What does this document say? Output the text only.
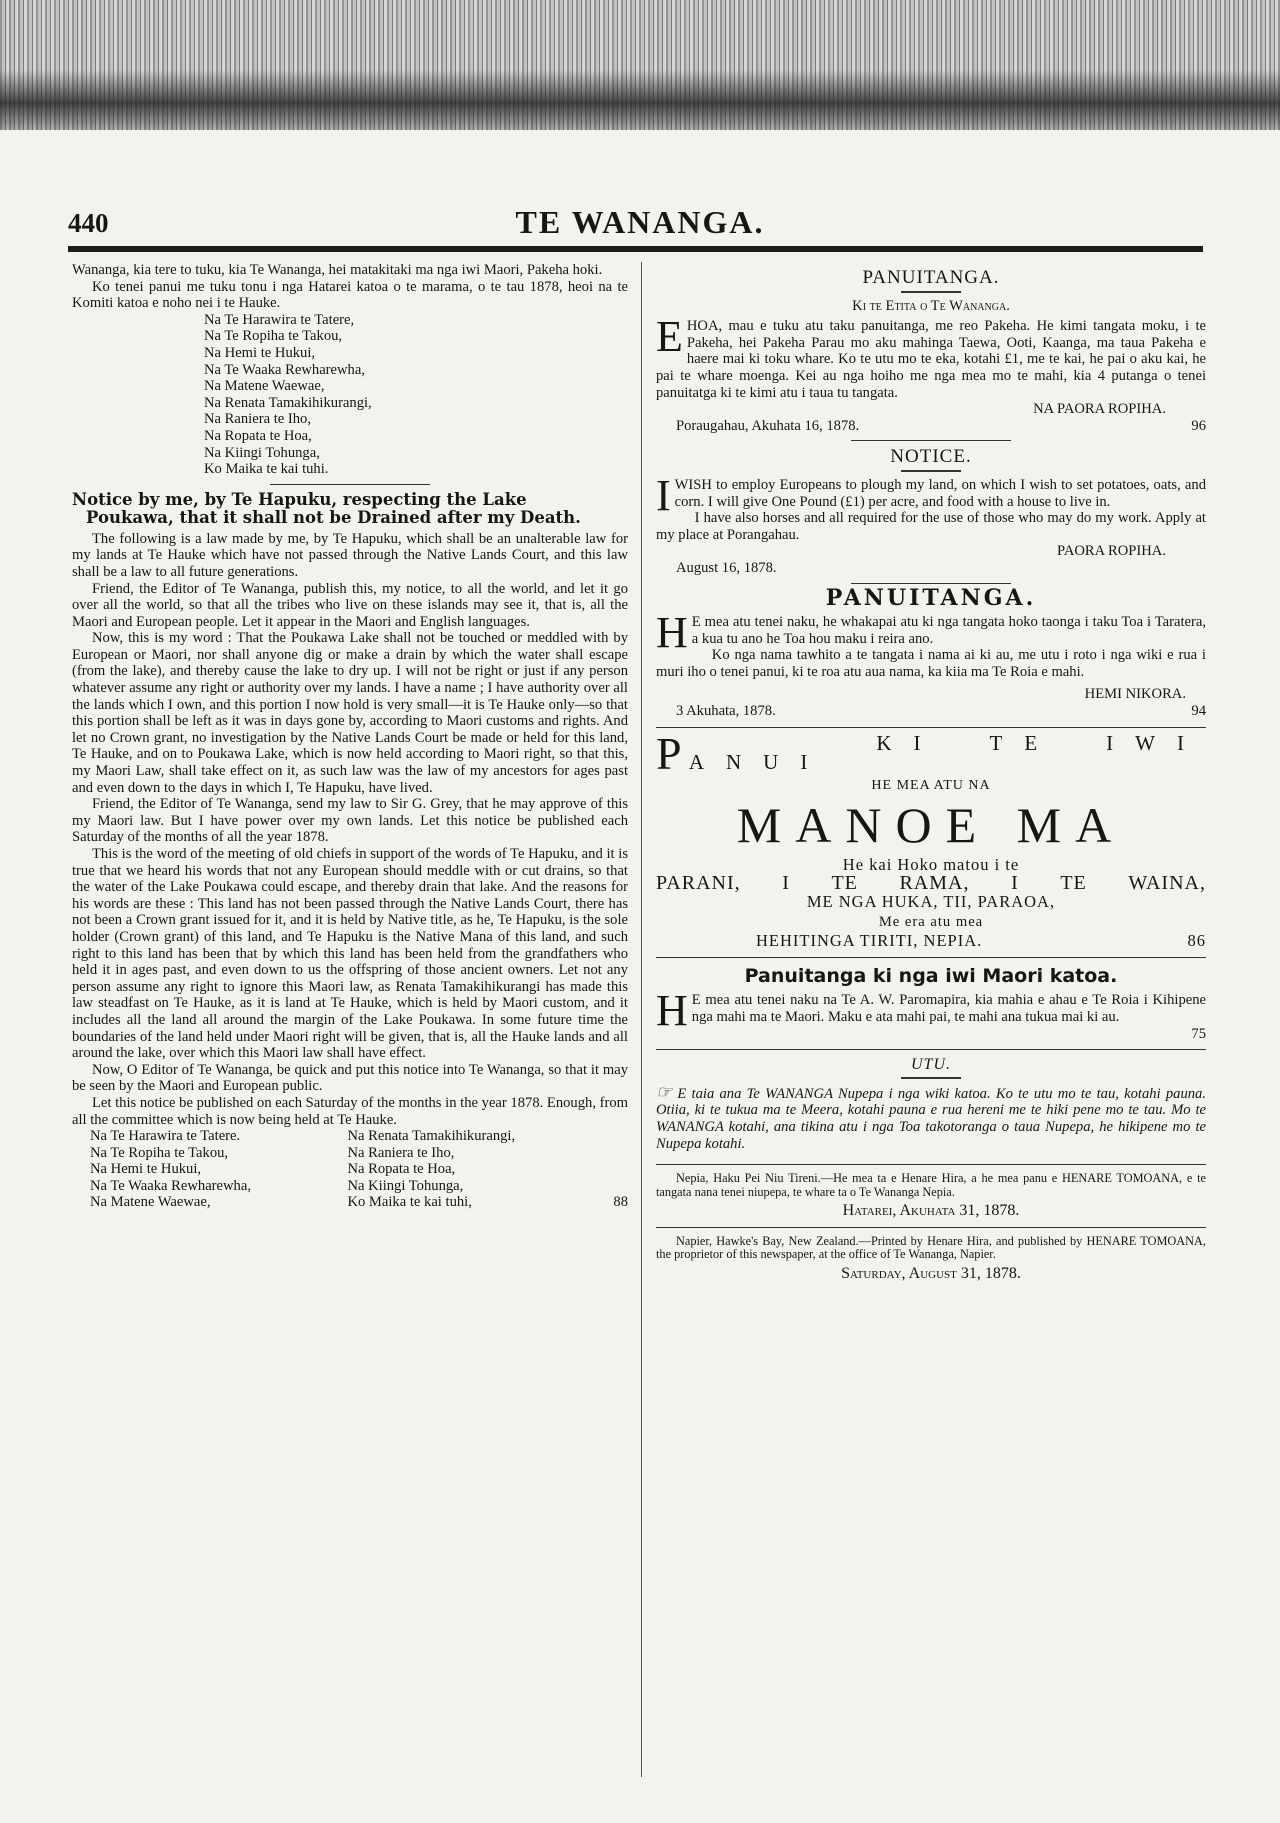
440	TE WANANGA.

Wananga, kia tere to tuku, kia Te Wananga, hei matakitaki ma nga iwi Maori, Pakeha hoki.

Ko tenei panui me tuku tonu i nga Hatarei katoa o te marama, o te tau 1878, heoi na te Komiti katoa e noho nei i te Hauke.

Na Te Harawira te Tatere,

Na Te Ropiha te Takou,

Na Hemi te Hukui,

Na Te Waaka Rewharewha,

Na Matene Waewae,

Na Renata Tamakihikurangi,

Na Raniera te Iho,

Na Ropata te Hoa,

Na Kiingi Tohunga,

Ko Maika te kai tuhi.

Notice by me, by Te Hapuku, respecting the Lake
Poukawa, that it shall not be Drained after my Death.

The following is a law made by me, by Te Hapuku, which shall be an unalterable law for my lands at Te Hauke which have not passed through the Native Lands Court, and this law shall be a law to all future generations.

Friend, the Editor of Te Wananga, publish this, my notice, to all the world, and let it go over all the world, so that all the tribes who live on these islands may see it, that is, all the Maori and European people. Let it appear in the Maori and English languages.

Now, this is my word : That the Poukawa Lake shall not be touched or meddled with by European or Maori, nor shall anyone dig or make a drain by which the water shall escape (from the lake), and thereby cause the lake to dry up. I will not be right or just if any person whatever assume any right or authority over my lands. I have a name ; I have authority over all the lands which I own, and this portion I now hold is very small—it is Te Hauke only—so that this portion shall be left as it was in days gone by, according to Maori customs and rights. And let no Crown grant, no investigation by the Native Lands Court be made or held for this land, Te Hauke, and on to Poukawa Lake, which is now held according to Maori right, so that this, my Maori Law, shall take effect on it, as such law was the law of my ancestors for ages past and even down to the days in which I, Te Hapuku, have lived.

Friend, the Editor of Te Wananga, send my law to Sir G. Grey, that he may approve of this my Maori law. But I have power over my own lands. Let this notice be published each Saturday of the months of all the year 1878.

This is the word of the meeting of old chiefs in support of the words of Te Hapuku, and it is true that we heard his words that not any European should meddle with or cut drains, so that the water of the Lake Poukawa could escape, and thereby drain that lake. And the reasons for his words are these : This land has not been passed through the Native Lands Court, there has not been a Crown grant issued for it, and it is held by Native title, as he, Te Hapuku, is the sole holder (Crown grant) of this land, and Te Hapuku is the Native Mana of this land, and such right to this land has been that by which this land has been held from the grandfathers who held it in ages past, and even down to us the offspring of those ancient owners. Let not any person assume any right to ignore this Maori law, as Renata Tamakihikurangi has made this law steadfast on Te Hauke, as it is land at Te Hauke, which is held by Maori custom, and it includes all the land all around the margin of the Lake Poukawa. In some future time the boundaries of the land held under Maori right will be given, that is, all the Hauke lands and all around the lake, over which this Maori law shall have effect.

Now, O Editor of Te Wananga, be quick and put this notice into Te Wananga, so that it may be seen by the Maori and European public.

Let this notice be published on each Saturday of the months in the year 1878. Enough, from all the committee which is now being held at Te Hauke.

Na Te Harawira te Tatere.	Na Renata Tamakihikurangi,	
Na Te Ropiha te Takou,	Na Raniera te Iho,	
Na Hemi te Hukui,	Na Ropata te Hoa,	
Na Te Waaka Rewharewha,	Na Kiingi Tohunga,	
Na Matene Waewae,	Ko Maika te kai tuhi,	88
PANUITANGA.
Ki te Etita o Te Wananga.
E HOA, mau e tuku atu taku panuitanga, me reo Pakeha. He kimi tangata moku, i te Pakeha, hei Pakeha Parau mo aku mahinga Taewa, Ooti, Kaanga, ma taua Pakeha e haere mai ki toku whare. Ko te utu mo te eka, kotahi £1, me te kai, he pai o aku kai, he pai te whare moenga. Kei au nga hoiho me nga mea mo te mahi, kia 4 putanga o tenei panuitatga ki te kimi atu i taua tu tangata.
NA PAORA ROPIHA.
Poraugahau, Akuhata 16, 1878.	96
NOTICE.
I WISH to employ Europeans to plough my land, on which I wish to set potatoes, oats, and corn. I will give One Pound (£1) per acre, and food with a house to live in.

I have also horses and all required for the use of those who may do my work. Apply at my place at Porangahau.

PAORA ROPIHA.
August 16, 1878.
PANUITANGA.
H E mea atu tenei naku, he whakapai atu ki nga tangata hoko taonga i taku Toa i Taratera, a kua tu ano he Toa hou maku i reira ano.

Ko nga nama tawhito a te tangata i nama ai ki au, me utu i roto i nga wiki e rua i muri iho o tenei panui, ki te roa atu aua nama, ka kiia ma Te Roia e mahi.

HEMI NIKORA.
3 Akuhata, 1878.	94
P ANUI
KI TE IWI
HE MEA ATU NA
MANOE MA
He kai Hoko matou i te
PARANI, I TE RAMA, I TE WAINA,
ME NGA HUKA, TII, PARAOA,
Me era atu mea
HEHITINGA TIRITI, NEPIA.	86
Panuitanga ki nga iwi Maori katoa.
H E mea atu tenei naku na Te A. W. Paromapira, kia mahia e ahau e Te Roia i Kihipene nga mahi ma te Maori. Maku e ata mahi pai, te mahi ana tukua mai ki au.
75
UTU.
☞ E taia ana Te WANANGA Nupepa i nga wiki katoa. Ko te utu mo te tau, kotahi pauna. Otiia, ki te tukua ma te Meera, kotahi pauna e rua hereni me te hiki pene mo te tau. Mo te WANANGA kotahi, ana tikina atu i nga Toa takotoranga o taua Nupepa, he hikipene mo te Nupepa kotahi.

Nepia, Haku Pei Niu Tireni.—He mea ta e Henare Hira, a he mea panu e HENARE TOMOANA, e te tangata nana tenei niupepa, te whare ta o Te Wananga Nepia.

Hatarei, Akuhata 31, 1878.

Napier, Hawke's Bay, New Zealand.—Printed by Henare Hira, and published by HENARE TOMOANA, the proprietor of this newspaper, at the office of Te Wananga, Napier.

Saturday, August 31, 1878.
